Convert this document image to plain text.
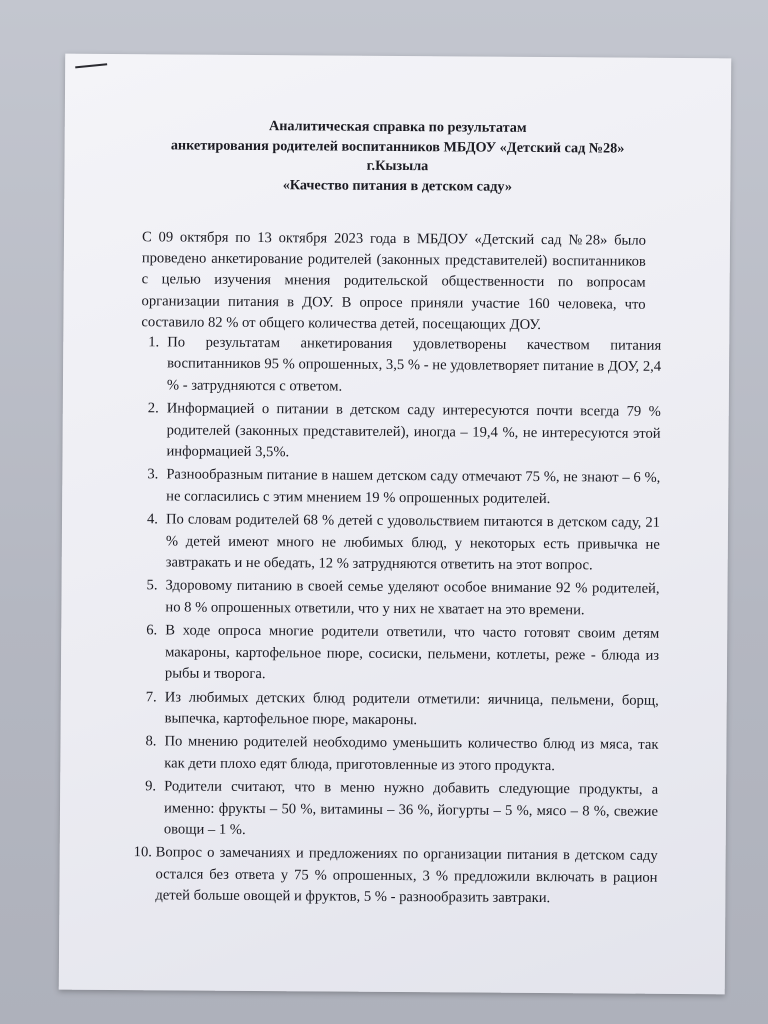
Аналитическая справка по результатам
анкетирования родителей воспитанников МБДОУ «Детский сад №28»
г.Кызыла
«Качество питания в детском саду»

С 09 октября по 13 октября 2023 года в МБДОУ «Детский сад №28» было проведено анкетирование родителей (законных представителей) воспитанников с целью изучения мнения родительской общественности по вопросам организации питания в ДОУ. В опросе приняли участие 160 человека, что составило 82 % от общего количества детей, посещающих ДОУ.

1. По результатам анкетирования удовлетворены качеством питания воспитанников 95 % опрошенных, 3,5 % - не удовлетворяет питание в ДОУ, 2,4 % - затрудняются с ответом.
2. Информацией о питании в детском саду интересуются почти всегда 79 % родителей (законных представителей), иногда – 19,4 %, не интересуются этой информацией 3,5%.
3. Разнообразным питание в нашем детском саду отмечают 75 %, не знают – 6 %, не согласились с этим мнением 19 % опрошенных родителей.
4. По словам родителей 68 % детей с удовольствием питаются в детском саду, 21 % детей имеют много не любимых блюд, у некоторых есть привычка не завтракать и не обедать, 12 % затрудняются ответить на этот вопрос.
5. Здоровому питанию в своей семье уделяют особое внимание 92 % родителей, но 8 % опрошенных ответили, что у них не хватает на это времени.
6. В ходе опроса многие родители ответили, что часто готовят своим детям макароны, картофельное пюре, сосиски, пельмени, котлеты, реже - блюда из рыбы и творога.
7. Из любимых детских блюд родители отметили: яичница, пельмени, борщ, выпечка, картофельное пюре, макароны.
8. По мнению родителей необходимо уменьшить количество блюд из мяса, так как дети плохо едят блюда, приготовленные из этого продукта.
9. Родители считают, что в меню нужно добавить следующие продукты, а именно: фрукты – 50 %, витамины – 36 %, йогурты – 5 %, мясо – 8 %, свежие овощи – 1 %.
10. Вопрос о замечаниях и предложениях по организации питания в детском саду остался без ответа у 75 % опрошенных, 3 % предложили включать в рацион детей больше овощей и фруктов, 5 % - разнообразить завтраки.
